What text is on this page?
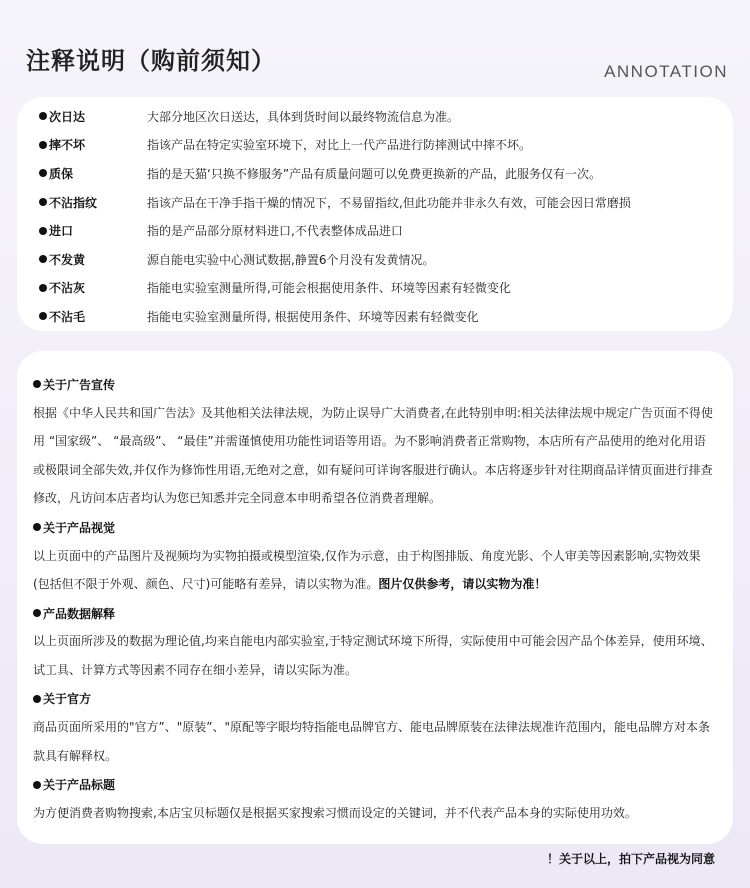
注释说明（购前须知）	ANNOTATION
次日达	大部分地区次日送达，具体到货时间以最终物流信息为准。
摔不坏	指该产品在特定实验室环境下，对比上一代产品进行防摔测试中摔不坏。
质保	指的是天猫‘只换不修服务”产品有质量问题可以免费更换新的产品，此服务仅有一次。
不沾指纹	指该产品在干净手指干燥的情况下，不易留指纹,但此功能并非永久有效，可能会因日常磨损
进口	指的是产品部分原材料进口,不代表整体成品进口
不发黄	源自能电实验中心测试数据,静置6个月没有发黄情况。
不沾灰	指能电实验室测量所得,可能会根据使用条件、环境等因素有轻微变化
不沾毛	指能电实验室测量所得, 根据使用条件、环境等因素有轻微变化
关于广告宣传

根据《中华人民共和国广告法》及其他相关法律法规，为防止误导广大消费者,在此特别申明:相关法律法规中规定广告页面不得使用 “国家级”、 “最高级”、 “最佳”并需谨慎使用功能性词语等用语。为不影响消费者正常购物，本店所有产品使用的绝对化用语或极限词全部失效,并仅作为修饰性用语,无绝对之意，如有疑问可详询客服进行确认。本店将逐步针对往期商品详情页面进行排查修改，凡访问本店者均认为您已知悉并完全同意本申明希望各位消费者理解。

关于产品视觉

以上页面中的产品图片及视频均为实物拍摄或模型渲染,仅作为示意，由于构图排版、角度光影、个人审美等因素影响,实物效果(包括但不限于外观、颜色、尺寸)可能略有差异，请以实物为准。图片仅供参考，请以实物为准！

产品数据解释

以上页面所涉及的数据为理论值,均来自能电内部实验室,于特定测试环境下所得，实际使用中可能会因产品个体差异，使用环境、试工具、计算方式等因素不同存在细小差异，请以实际为准。

关于官方

商品页面所采用的"官方”、"原装”、"原配等字眼均特指能电品牌官方、能电品牌原装在法律法规准许范围内，能电品牌方对本条款具有解释权。

关于产品标题

为方便消费者购物搜索,本店宝贝标题仅是根据买家搜索习惯而设定的关键词，并不代表产品本身的实际使用功效。

！关于以上，拍下产品视为同意
